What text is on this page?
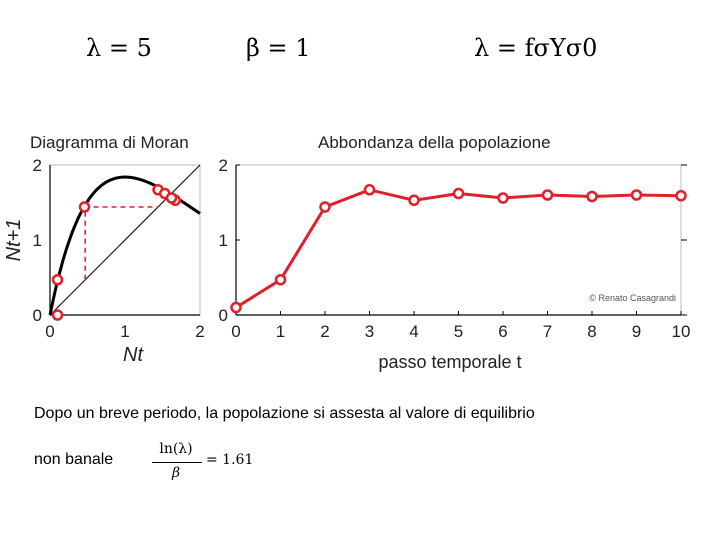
λ = 5	β = 1	λ = fσYσ0
Diagramma di Moran
0	1	2
0
1
2
Nt
Nt+1
Abbondanza della popolazione
0 1 2 3 4 5 6 7 8 9 10
0
1
2
passo temporale t
© Renato Casagrandi
Dopo un breve periodo, la popolazione si assesta al valore di equilibrio
non banale
ln(λ)
β
= 1.61
